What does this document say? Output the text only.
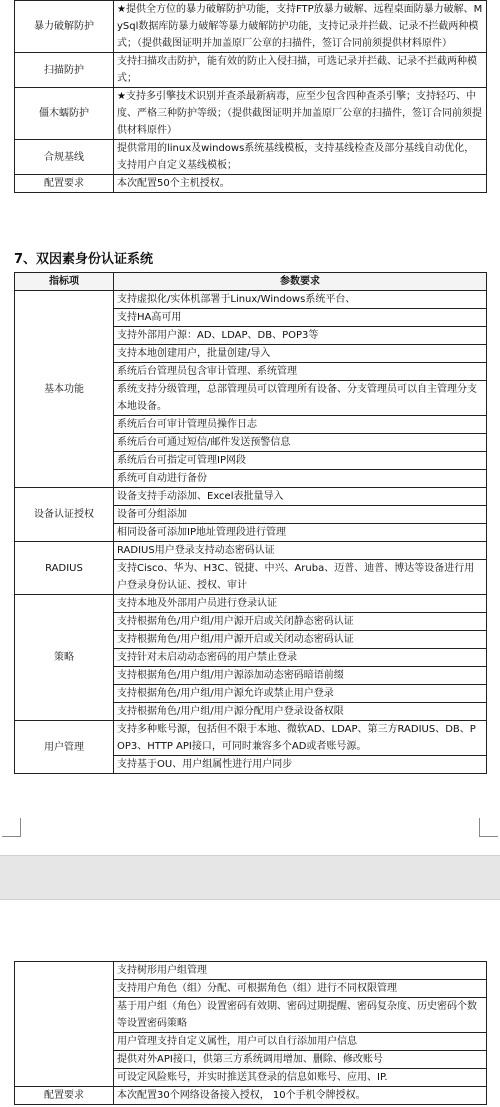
暴力破解防护	★提供全方位的暴力破解防护功能，支持FTP放暴力破解、远程桌面防暴力破解、MySql数据库防暴力破解等暴力破解防护功能，支持记录并拦截、记录不拦截两种模式；（提供截图证明并加盖原厂公章的扫描件，签订合同前须提供材料原件）
扫描防护	支持扫描攻击防护，能有效的防止入侵扫描，可选记录并拦截、记录不拦截两种模式；
僵木蠕防护	★支持多引擎技术识别并查杀最新病毒，应至少包含四种查杀引擎；支持轻巧、中度、严格三种防护等级；（提供截图证明并加盖原厂公章的扫描件，签订合同前须提供材料原件）
合规基线	提供常用的linux及windows系统基线模板，支持基线检查及部分基线自动优化，支持用户自定义基线模板；
配置要求	本次配置50个主机授权。
7、双因素身份认证系统
指标项	参数要求
基本功能	支持虚拟化/实体机部署于Linux/Windows系统平台、
	支持HA高可用
	支持外部用户源：AD、LDAP、DB、POP3等
	支持本地创建用户，批量创建/导入
	系统后台管理员包含审计管理、系统管理
	系统支持分级管理，总部管理员可以管理所有设备、分支管理员可以自主管理分支本地设备。
	系统后台可审计管理员操作日志
	系统后台可通过短信/邮件发送预警信息
	系统后台可指定可管理IP网段
	系统可自动进行备份
设备认证授权	设备支持手动添加、Excel表批量导入
	设备可分组添加
	相同设备可添加IP地址管理段进行管理
RADIUS	RADIUS用户登录支持动态密码认证
	支持Cisco、华为、H3C、锐捷、中兴、Aruba、迈普、迪普、博达等设备进行用户登录身份认证、授权、审计
策略	支持本地及外部用户员进行登录认证
	支持根据角色/用户组/用户源开启或关闭静态密码认证
	支持根据角色/用户组/用户源开启或关闭动态密码认证
	支持针对未启动动态密码的用户禁止登录
	支持根据角色/用户组/用户源添加动态密码暗语前缀
	支持根据角色/用户组/用户源允许或禁止用户登录
	支持根据角色/用户组/用户源分配用户登录设备权限
用户管理	支持多种账号源，包括但不限于本地、微软AD、LDAP、第三方RADIUS、DB、POP3、HTTP API接口，可同时兼容多个AD或者账号源。
	支持基于OU、用户组属性进行用户同步
	支持树形用户组管理
	支持用户角色（组）分配、可根据角色（组）进行不同权限管理
	基于用户组（角色）设置密码有效期、密码过期提醒、密码复杂度、历史密码个数等设置密码策略
	用户管理支持自定义属性，用户可以自行添加用户信息
	提供对外API接口，供第三方系统调用增加、删除、修改账号
	可设定风险账号，并实时推送其登录的信息如账号、应用、IP.
配置要求	本次配置30个网络设备接入授权， 10个手机令牌授权。
